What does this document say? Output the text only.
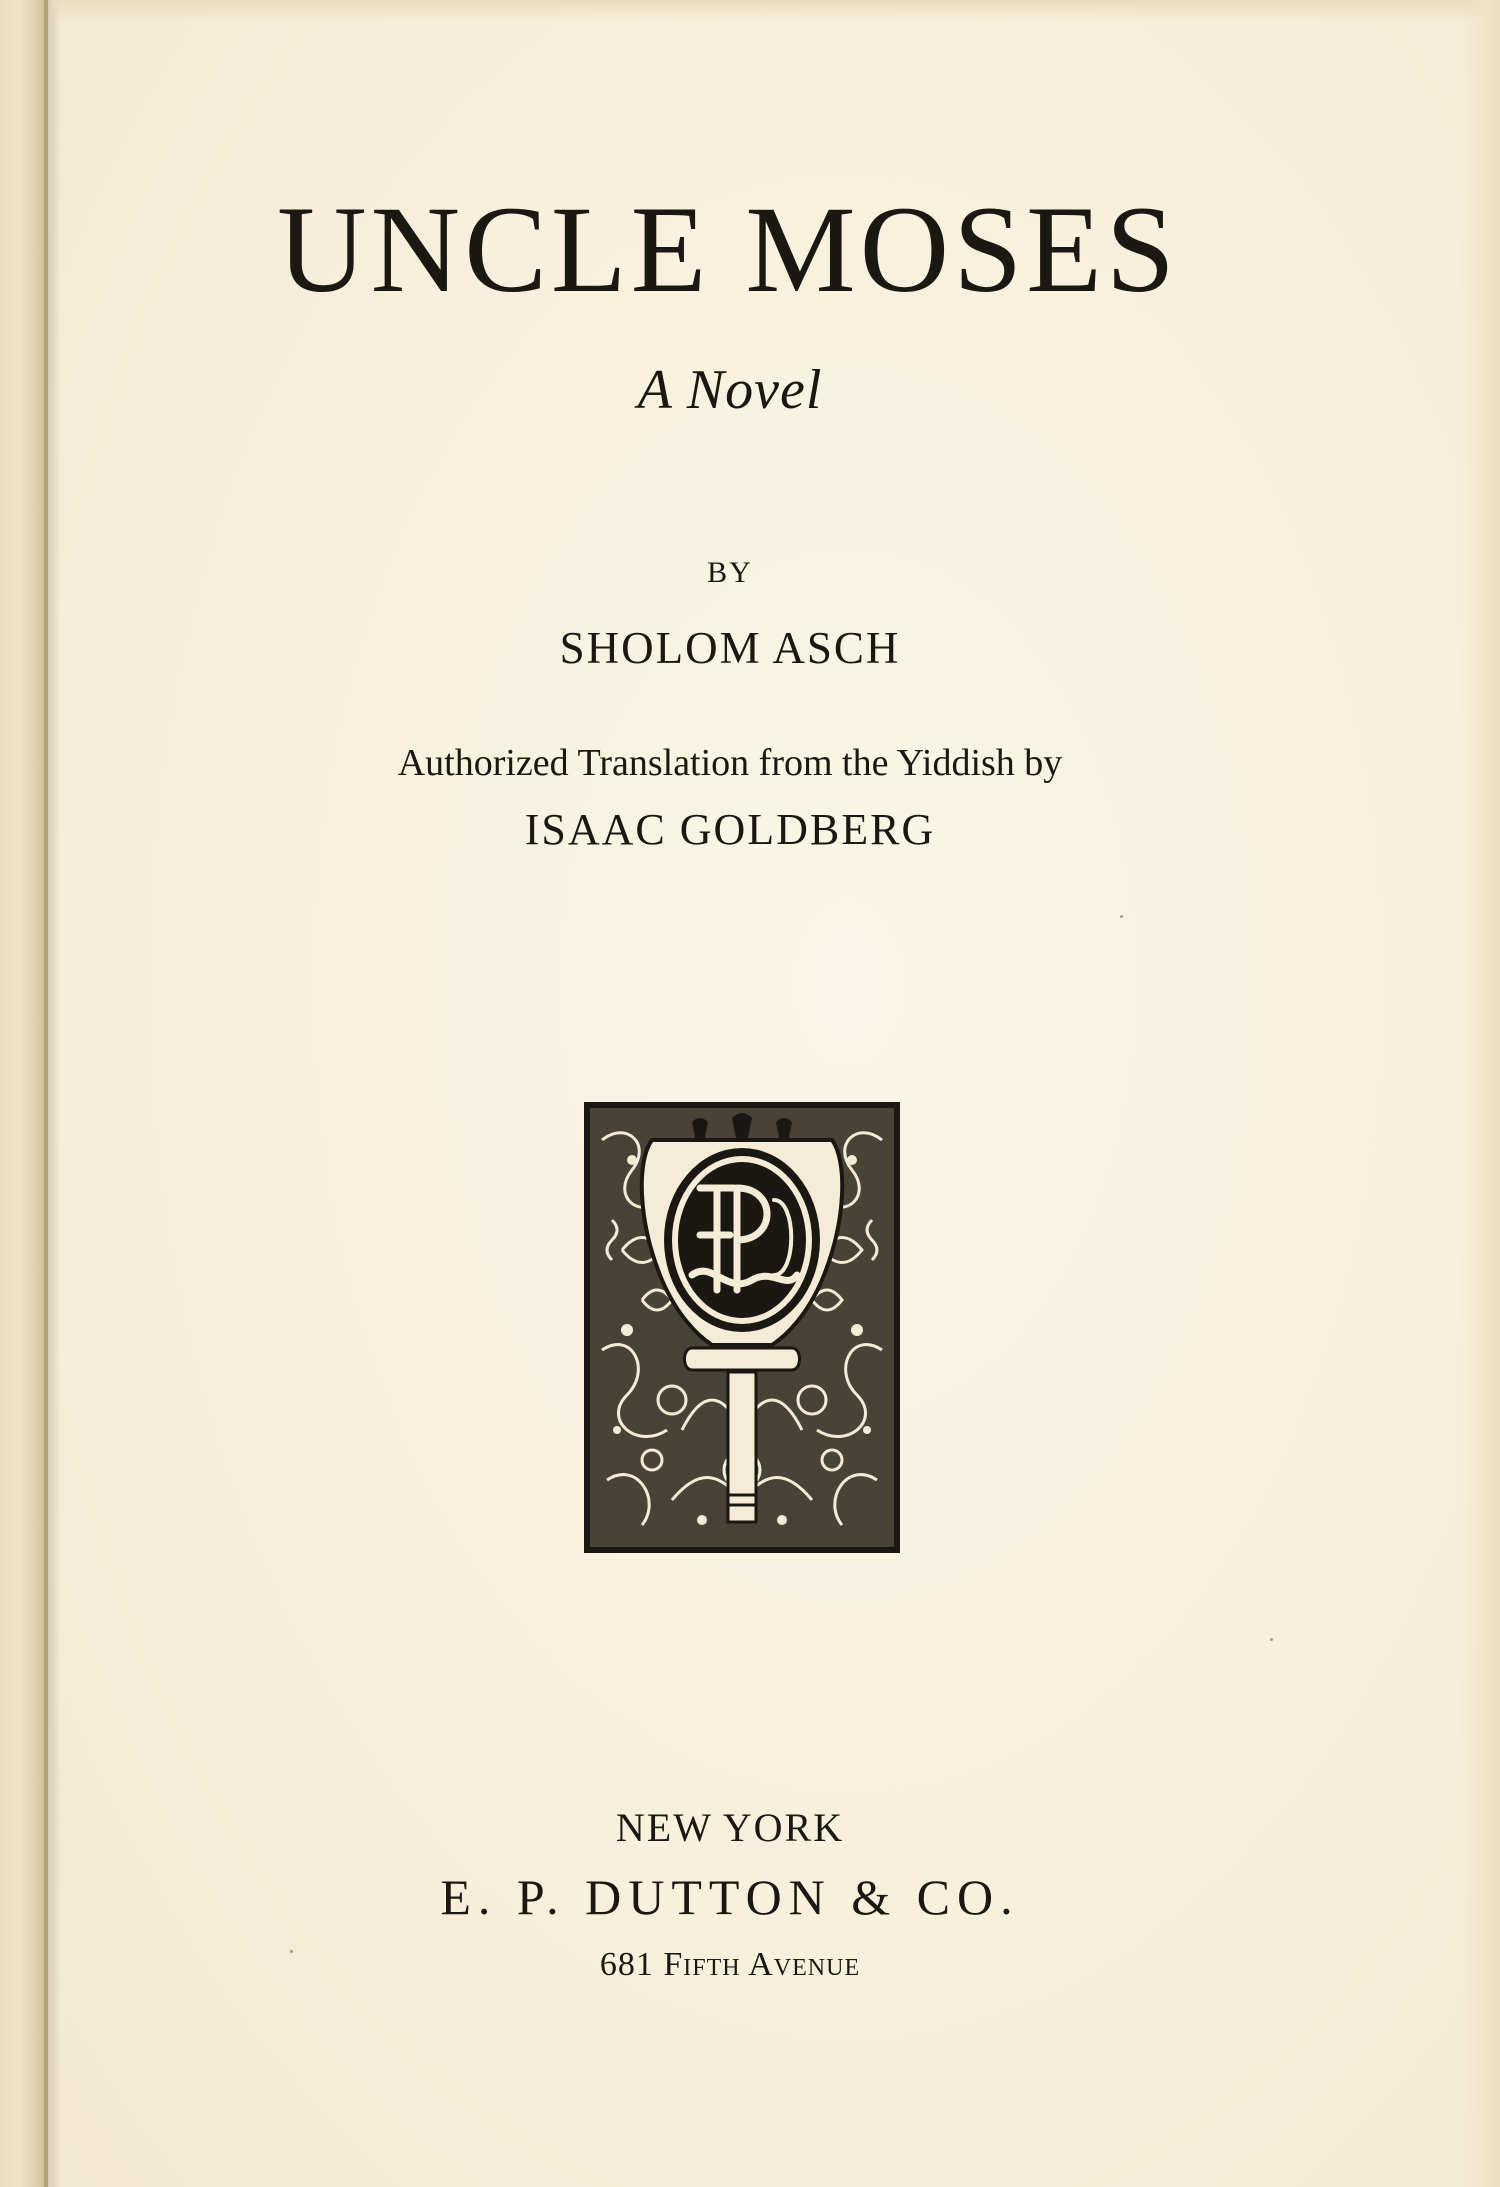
UNCLE MOSES

A Novel

BY

SHOLOM ASCH

Authorized Translation from the Yiddish by

ISAAC GOLDBERG

NEW YORK

E. P. DUTTON & CO.

681 Fifth Avenue
